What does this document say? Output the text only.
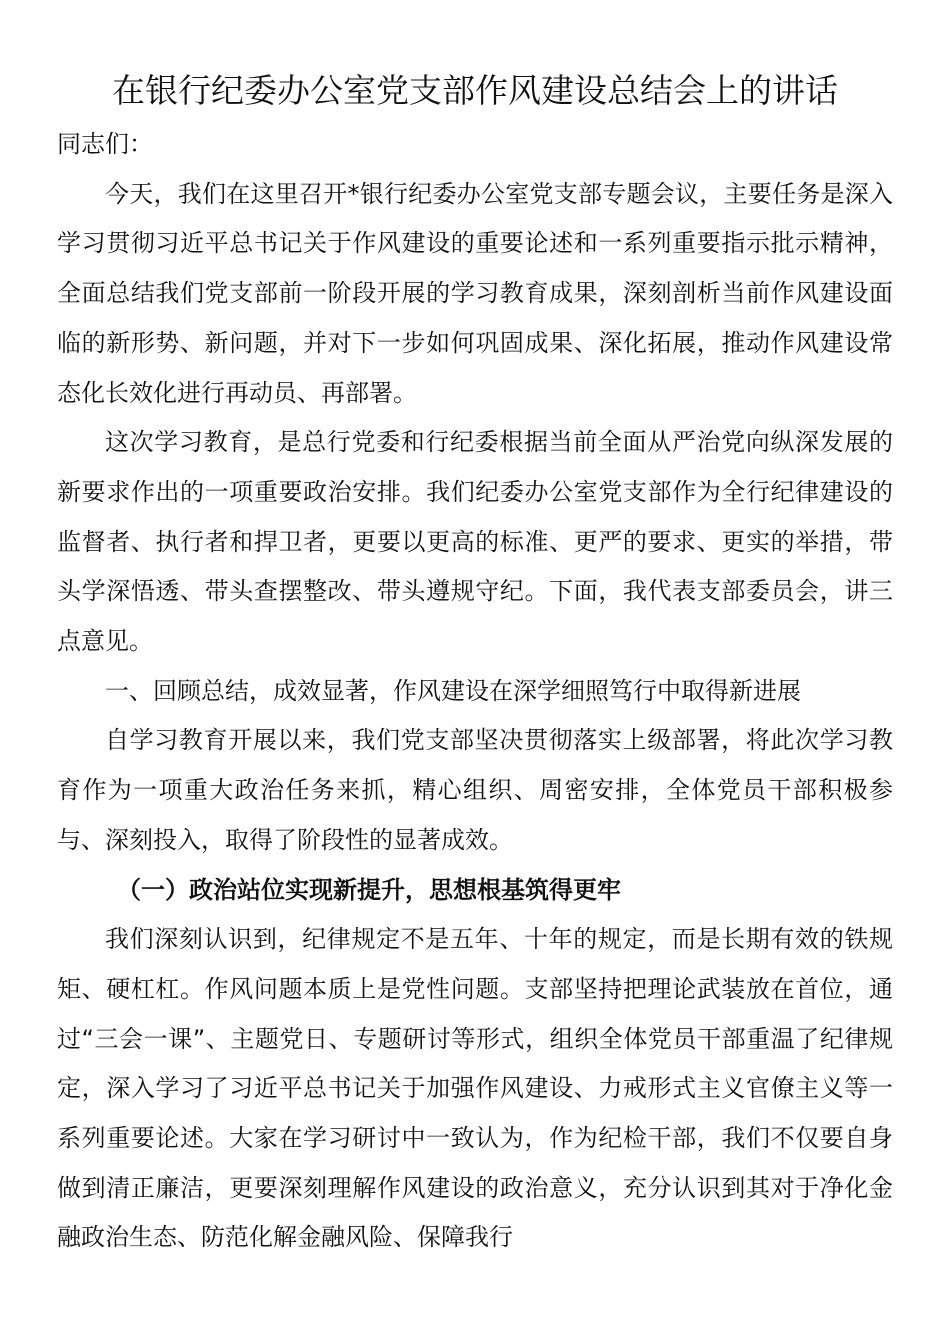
在银行纪委办公室党支部作风建设总结会上的讲话

同志们：

今天，我们在这里召开*银行纪委办公室党支部专题会议，主要任务是深入学习贯彻习近平总书记关于作风建设的重要论述和一系列重要指示批示精神，全面总结我们党支部前一阶段开展的学习教育成果，深刻剖析当前作风建设面临的新形势、新问题，并对下一步如何巩固成果、深化拓展，推动作风建设常态化长效化进行再动员、再部署。

这次学习教育，是总行党委和行纪委根据当前全面从严治党向纵深发展的新要求作出的一项重要政治安排。我们纪委办公室党支部作为全行纪律建设的监督者、执行者和捍卫者，更要以更高的标准、更严的要求、更实的举措，带头学深悟透、带头查摆整改、带头遵规守纪。下面，我代表支部委员会，讲三点意见。

一、回顾总结，成效显著，作风建设在深学细照笃行中取得新进展

自学习教育开展以来，我们党支部坚决贯彻落实上级部署，将此次学习教育作为一项重大政治任务来抓，精心组织、周密安排，全体党员干部积极参与、深刻投入，取得了阶段性的显著成效。

（一）政治站位实现新提升，思想根基筑得更牢

我们深刻认识到，纪律规定不是五年、十年的规定，而是长期有效的铁规矩、硬杠杠。作风问题本质上是党性问题。支部坚持把理论武装放在首位，通过“三会一课”、主题党日、专题研讨等形式，组织全体党员干部重温了纪律规定，深入学习了习近平总书记关于加强作风建设、力戒形式主义官僚主义等一系列重要论述。大家在学习研讨中一致认为，作为纪检干部，我们不仅要自身做到清正廉洁，更要深刻理解作风建设的政治意义，充分认识到其对于净化金融政治生态、防范化解金融风险、保障我行
